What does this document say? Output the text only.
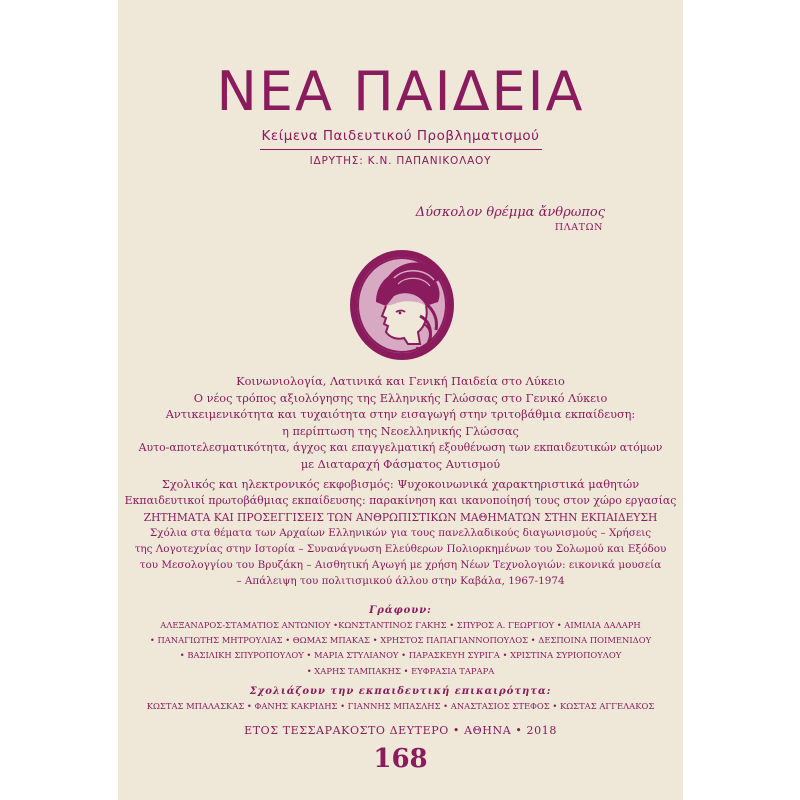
ΝΕΑ ΠΑΙΔΕΙΑ
Κείμενα Παιδευτικού Προβληματισμού
ΙΔΡΥΤΗΣ: Κ.Ν. ΠΑΠΑΝΙΚΟΛΑΟΥ
Δύσκολον θρέμμα ἄνθρωπος
ΠΛΑΤΩΝ
Κοινωνιολογία, Λατινικά και Γενική Παιδεία στο Λύκειο
Ο νέος τρόπος αξιολόγησης της Ελληνικής Γλώσσας στο Γενικό Λύκειο
Αντικειμενικότητα και τυχαιότητα στην εισαγωγή στην τριτοβάθμια εκπαίδευση:
η περίπτωση της Νεοελληνικής Γλώσσας
Αυτο-αποτελεσματικότητα, άγχος και επαγγελματική εξουθένωση των εκπαιδευτικών ατόμων
με Διαταραχή Φάσματος Αυτισμού
Σχολικός και ηλεκτρονικός εκφοβισμός: Ψυχοκοινωνικά χαρακτηριστικά μαθητών
Εκπαιδευτικοί πρωτοβάθμιας εκπαίδευσης: παρακίνηση και ικανοποίησή τους στον χώρο εργασίας
ΖΗΤΗΜΑΤΑ ΚΑΙ ΠΡΟΣΕΓΓΙΣΕΙΣ ΤΩΝ ΑΝΘΡΩΠΙΣΤΙΚΩΝ ΜΑΘΗΜΑΤΩΝ ΣΤΗΝ ΕΚΠΑΙΔΕΥΣΗ
Σχόλια στα θέματα των Αρχαίων Ελληνικών για τους πανελλαδικούς διαγωνισμούς – Χρήσεις
της Λογοτεχνίας στην Ιστορία – Συνανάγνωση Ελεύθερων Πολιορκημένων του Σολωμού και Εξόδου
του Μεσολογγίου του Βρυζάκη – Αισθητική Αγωγή με χρήση Νέων Τεχνολογιών: εικονικά μουσεία
– Απάλειψη του πολιτισμικού άλλου στην Καβάλα, 1967-1974
Γράφουν:
ΑΛΕΞΑΝΔΡΟΣ-ΣΤΑΜΑΤΙΟΣ ΑΝΤΩΝΙΟΥ •ΚΩΝΣΤΑΝΤΙΝΟΣ ΓΑΚΗΣ • ΣΠΥΡΟΣ Α. ΓΕΩΡΓΙΟΥ • ΑΙΜΙΛΙΑ ΔΑΛΑΡΗ
• ΠΑΝΑΓΙΩΤΗΣ ΜΗΤΡΟΥΛΙΑΣ • ΘΩΜΑΣ ΜΠΑΚΑΣ • ΧΡΗΣΤΟΣ ΠΑΠΑΓΙΑΝΝΟΠΟΥΛΟΣ • ΔΕΣΠΟΙΝΑ ΠΟΙΜΕΝΙΔΟΥ
• ΒΑΣΙΛΙΚΗ ΣΠΥΡΟΠΟΥΛΟΥ • ΜΑΡΙΑ ΣΤΥΛΙΑΝΟΥ • ΠΑΡΑΣΚΕΥΗ ΣΥΡΙΓΑ • ΧΡΙΣΤΙΝΑ ΣΥΡΙΟΠΟΥΛΟΥ
• ΧΑΡΗΣ ΤΑΜΠΑΚΗΣ • ΕΥΦΡΑΣΙΑ ΤΑΡΑΡΑ
Σχολιάζουν την εκπαιδευτική επικαιρότητα:
ΚΩΣΤΑΣ ΜΠΑΛΑΣΚΑΣ • ΦΑΝΗΣ ΚΑΚΡΙΔΗΣ • ΓΙΑΝΝΗΣ ΜΠΑΣΛΗΣ • ΑΝΑΣΤΑΣΙΟΣ ΣΤΕΦΟΣ • ΚΩΣΤΑΣ ΑΓΓΕΛΑΚΟΣ
ΕΤΟΣ ΤΕΣΣΑΡΑΚΟΣΤΟ ΔΕΥΤΕΡΟ • ΑΘΗΝΑ • 2018
168
